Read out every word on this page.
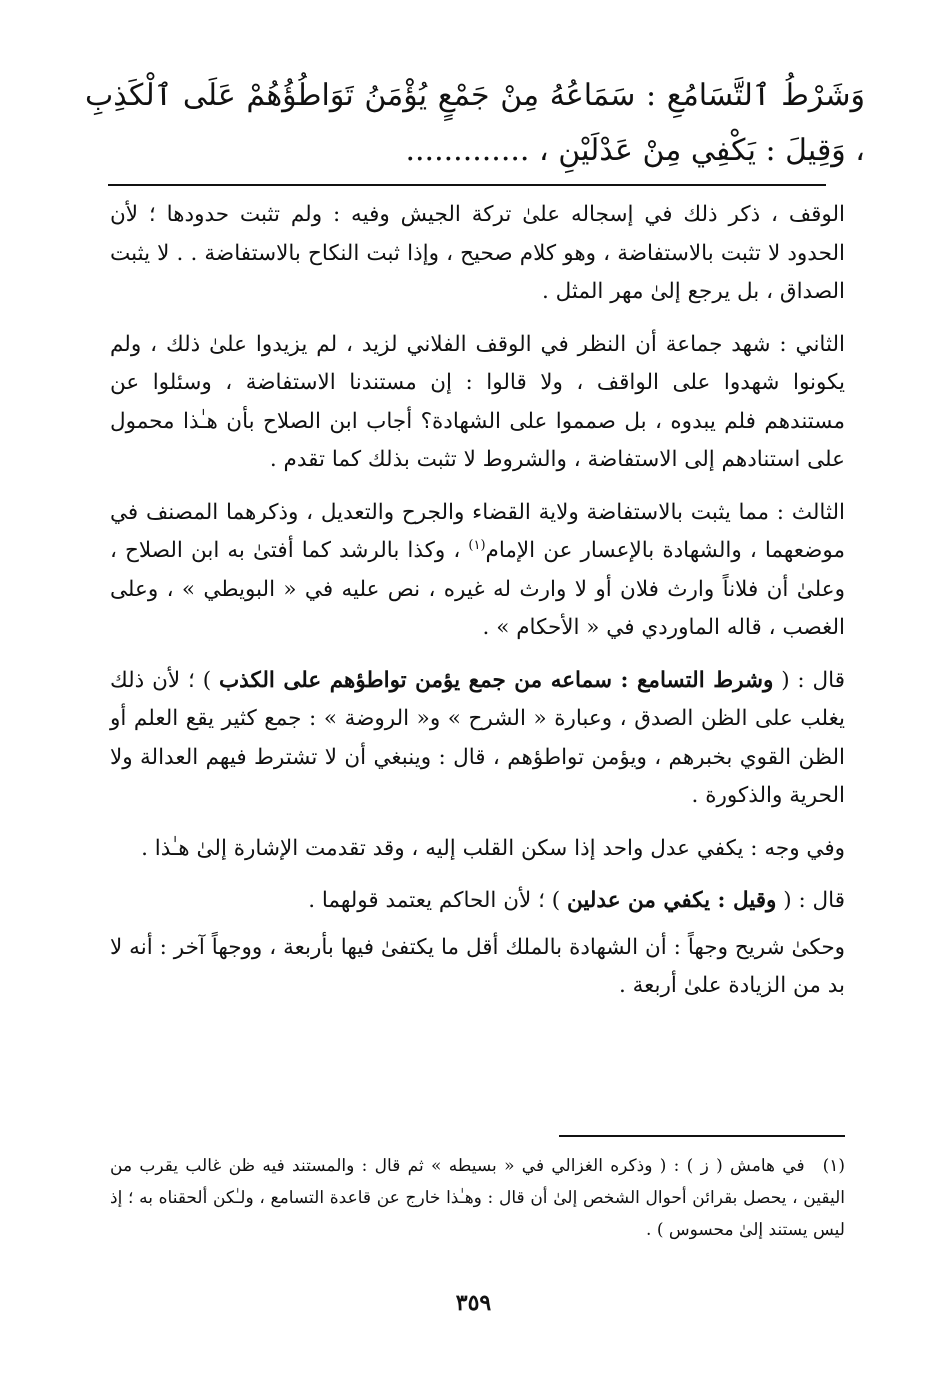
وَشَرْطُ ٱلتَّسَامُعِ : سَمَاعُهُ مِنْ جَمْعٍ يُؤْمَنُ تَوَاطُؤُهُمْ عَلَى ٱلْكَذِبِ ، وَقِيلَ : يَكْفِي مِنْ عَدْلَيْنِ ، .............

الوقف ، ذكر ذلك في إسجاله علىٰ تركة الجيش وفيه : ولم تثبت حدودها ؛ لأن الحدود لا تثبت بالاستفاضة ، وهو كلام صحيح ، وإذا ثبت النكاح بالاستفاضة . . لا يثبت الصداق ، بل يرجع إلىٰ مهر المثل .

الثاني : شهد جماعة أن النظر في الوقف الفلاني لزيد ، لم يزيدوا علىٰ ذلك ، ولم يكونوا شهدوا على الواقف ، ولا قالوا : إن مستندنا الاستفاضة ، وسئلوا عن مستندهم فلم يبدوه ، بل صمموا على الشهادة؟ أجاب ابن الصلاح بأن هـٰذا محمول على استنادهم إلى الاستفاضة ، والشروط لا تثبت بذلك كما تقدم .

الثالث : مما يثبت بالاستفاضة ولاية القضاء والجرح والتعديل ، وذكرهما المصنف في موضعهما ، والشهادة بالإعسار عن الإمام$^{(١)}$ ، وكذا بالرشد كما أفتىٰ به ابن الصلاح ، وعلىٰ أن فلاناً وارث فلان أو لا وارث له غيره ، نص عليه في « البويطي » ، وعلى الغصب ، قاله الماوردي في « الأحكام » .

قال : ( وشرط التسامع : سماعه من جمع يؤمن تواطؤهم على الكذب ) ؛ لأن ذلك يغلب على الظن الصدق ، وعبارة « الشرح » و« الروضة » : جمع كثير يقع العلم أو الظن القوي بخبرهم ، ويؤمن تواطؤهم ، قال : وينبغي أن لا تشترط فيهم العدالة ولا الحرية والذكورة .

وفي وجه : يكفي عدل واحد إذا سكن القلب إليه ، وقد تقدمت الإشارة إلىٰ هـٰذا .

قال : ( وقيل : يكفي من عدلين ) ؛ لأن الحاكم يعتمد قولهما .

وحكىٰ شريح وجهاً : أن الشهادة بالملك أقل ما يكتفىٰ فيها بأربعة ، ووجهاً آخر : أنه لا بد من الزيادة علىٰ أربعة .

(١)في هامش ( ز ) : ( وذكره الغزالي في « بسيطه » ثم قال : والمستند فيه ظن غالب يقرب من اليقين ، يحصل بقرائن أحوال الشخص إلىٰ أن قال : وهـٰذا خارج عن قاعدة التسامع ، ولـٰكن ألحقناه به ؛ إذ ليس يستند إلىٰ محسوس ) .
٣٥٩
